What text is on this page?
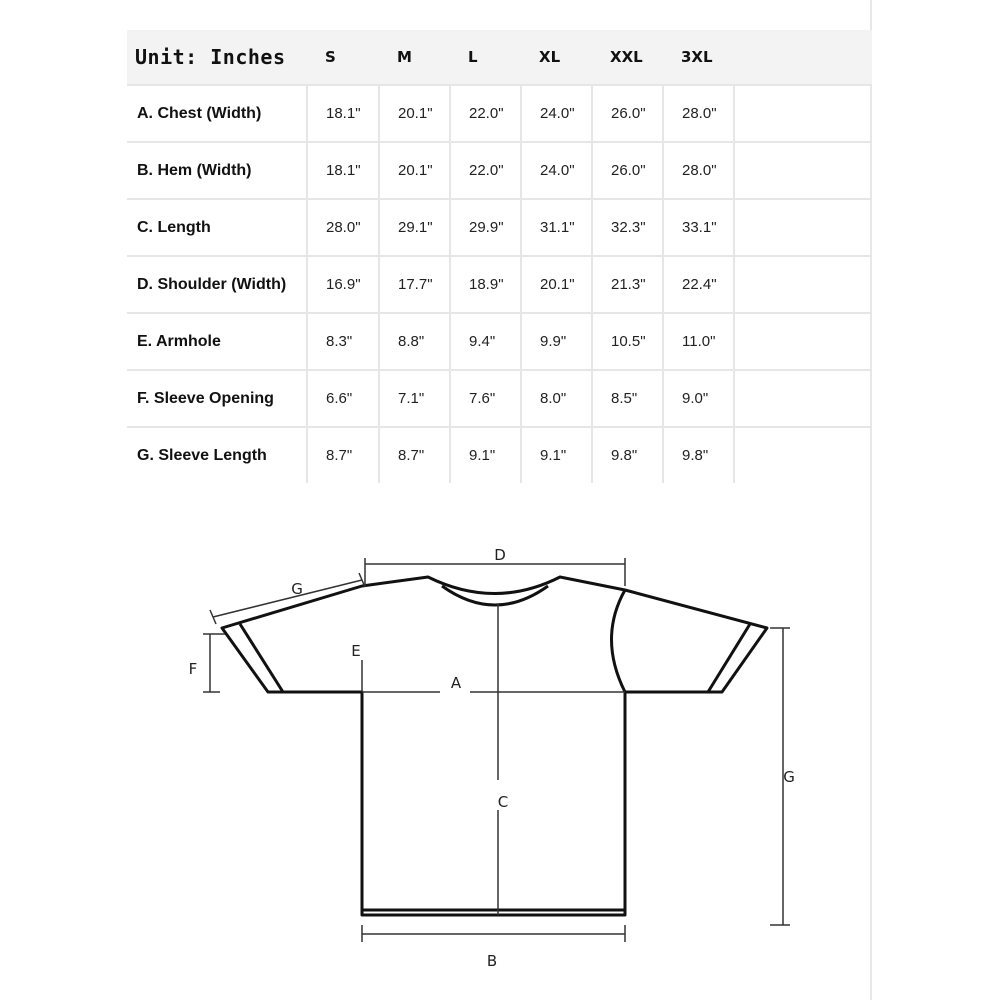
Unit: Inches	S	M	L	XL	XXL	3XL	
A. Chest (Width)	18.1"	20.1"	22.0"	24.0"	26.0"	28.0"	
B. Hem (Width)	18.1"	20.1"	22.0"	24.0"	26.0"	28.0"	
C. Length	28.0"	29.1"	29.9"	31.1"	32.3"	33.1"	
D. Shoulder (Width)	16.9"	17.7"	18.9"	20.1"	21.3"	22.4"	
E. Armhole	8.3"	8.8"	9.4"	9.9"	10.5"	11.0"	
F. Sleeve Opening	6.6"	7.1"	7.6"	8.0"	8.5"	9.0"	
G. Sleeve Length	8.7"	8.7"	9.1"	9.1"	9.8"	9.8"	
D
G
F
E
A
C
B
G
